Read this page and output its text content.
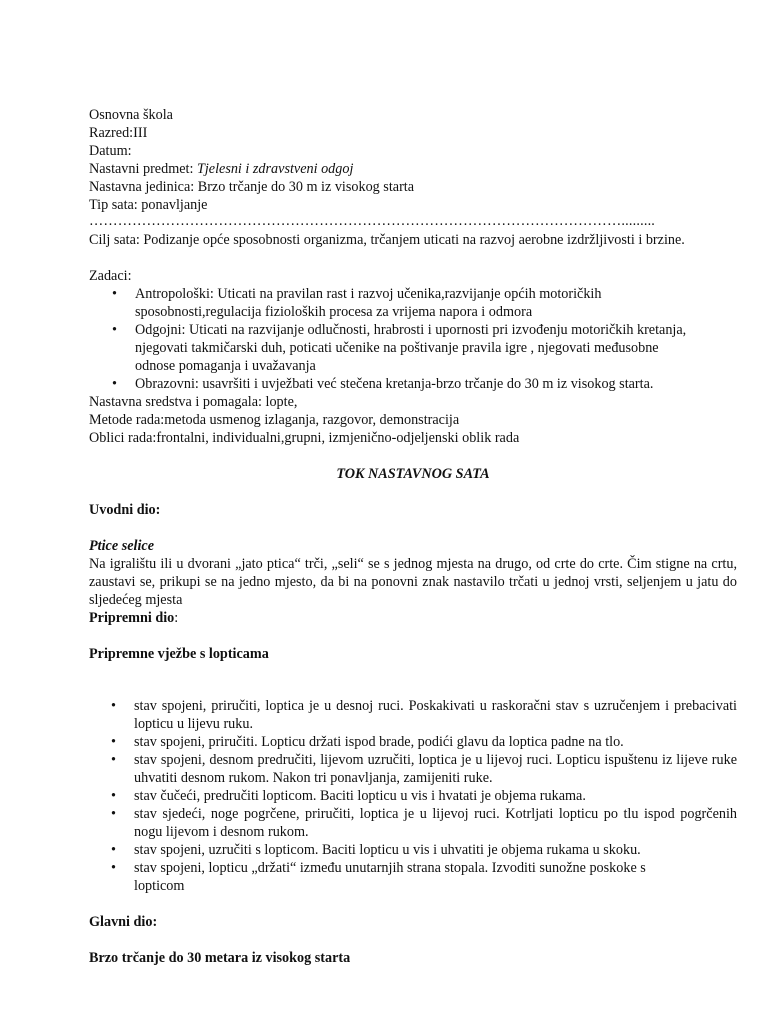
Osnovna škola
Razred:III
Datum:
Nastavni predmet: Tjelesni i zdravstveni odgoj
Nastavna jedinica: Brzo trčanje do 30 m iz visokog starta
Tip sata: ponavljanje
………………………………………………………………………………………………….........
Cilj sata: Podizanje opće sposobnosti organizma, trčanjem uticati na razvoj aerobne izdržljivosti i brzine.
Zadaci:
• Antropološki: Uticati na pravilan rast i razvoj učenika,razvijanje općih motoričkih
sposobnosti,regulacija fizioloških procesa za vrijema napora i odmora
• Odgojni: Uticati na razvijanje odlučnosti, hrabrosti i upornosti pri izvođenju motoričkih kretanja,
njegovati takmičarski duh, poticati učenike na poštivanje pravila igre , njegovati međusobne
odnose pomaganja i uvažavanja
• Obrazovni: usavršiti i uvježbati već stečena kretanja-brzo trčanje do 30 m iz visokog starta.
Nastavna sredstva i pomagala: lopte,
Metode rada:metoda usmenog izlaganja, razgovor, demonstracija
Oblici rada:frontalni, individualni,grupni, izmjenično-odjeljenski oblik rada
TOK NASTAVNOG SATA
Uvodni dio:
Ptice selice
Na igralištu ili u dvorani „jato ptica“ trči, „seli“ se s jednog mjesta na drugo, od crte do crte. Čim stigne na crtu, zaustavi se, prikupi se na jedno mjesto, da bi na ponovni znak nastavilo trčati u jednoj vrsti, seljenjem u jatu do sljedećeg mjesta
Pripremni dio:
Pripremne vježbe s lopticama
• stav spojeni, priručiti, loptica je u desnoj ruci. Poskakivati u raskoračni stav s uzručenjem i prebacivati lopticu u lijevu ruku.
• stav spojeni, priručiti. Lopticu držati ispod brade, podići glavu da loptica padne na tlo.
• stav spojeni, desnom predručiti, lijevom uzručiti, loptica je u lijevoj ruci. Lopticu ispuštenu iz lijeve ruke uhvatiti desnom rukom. Nakon tri ponavljanja, zamijeniti ruke.
• stav čučeći, predručiti lopticom. Baciti lopticu u vis i hvatati je objema rukama.
• stav sjedeći, noge pogrčene, priručiti, loptica je u lijevoj ruci. Kotrljati lopticu po tlu ispod pogrčenih nogu lijevom i desnom rukom.
• stav spojeni, uzručiti s lopticom. Baciti lopticu u vis i uhvatiti je objema rukama u skoku.
• stav spojeni, lopticu „držati“ između unutarnjih strana stopala. Izvoditi sunožne poskoke s lopticom
Glavni dio:
Brzo trčanje do 30 metara iz visokog starta
